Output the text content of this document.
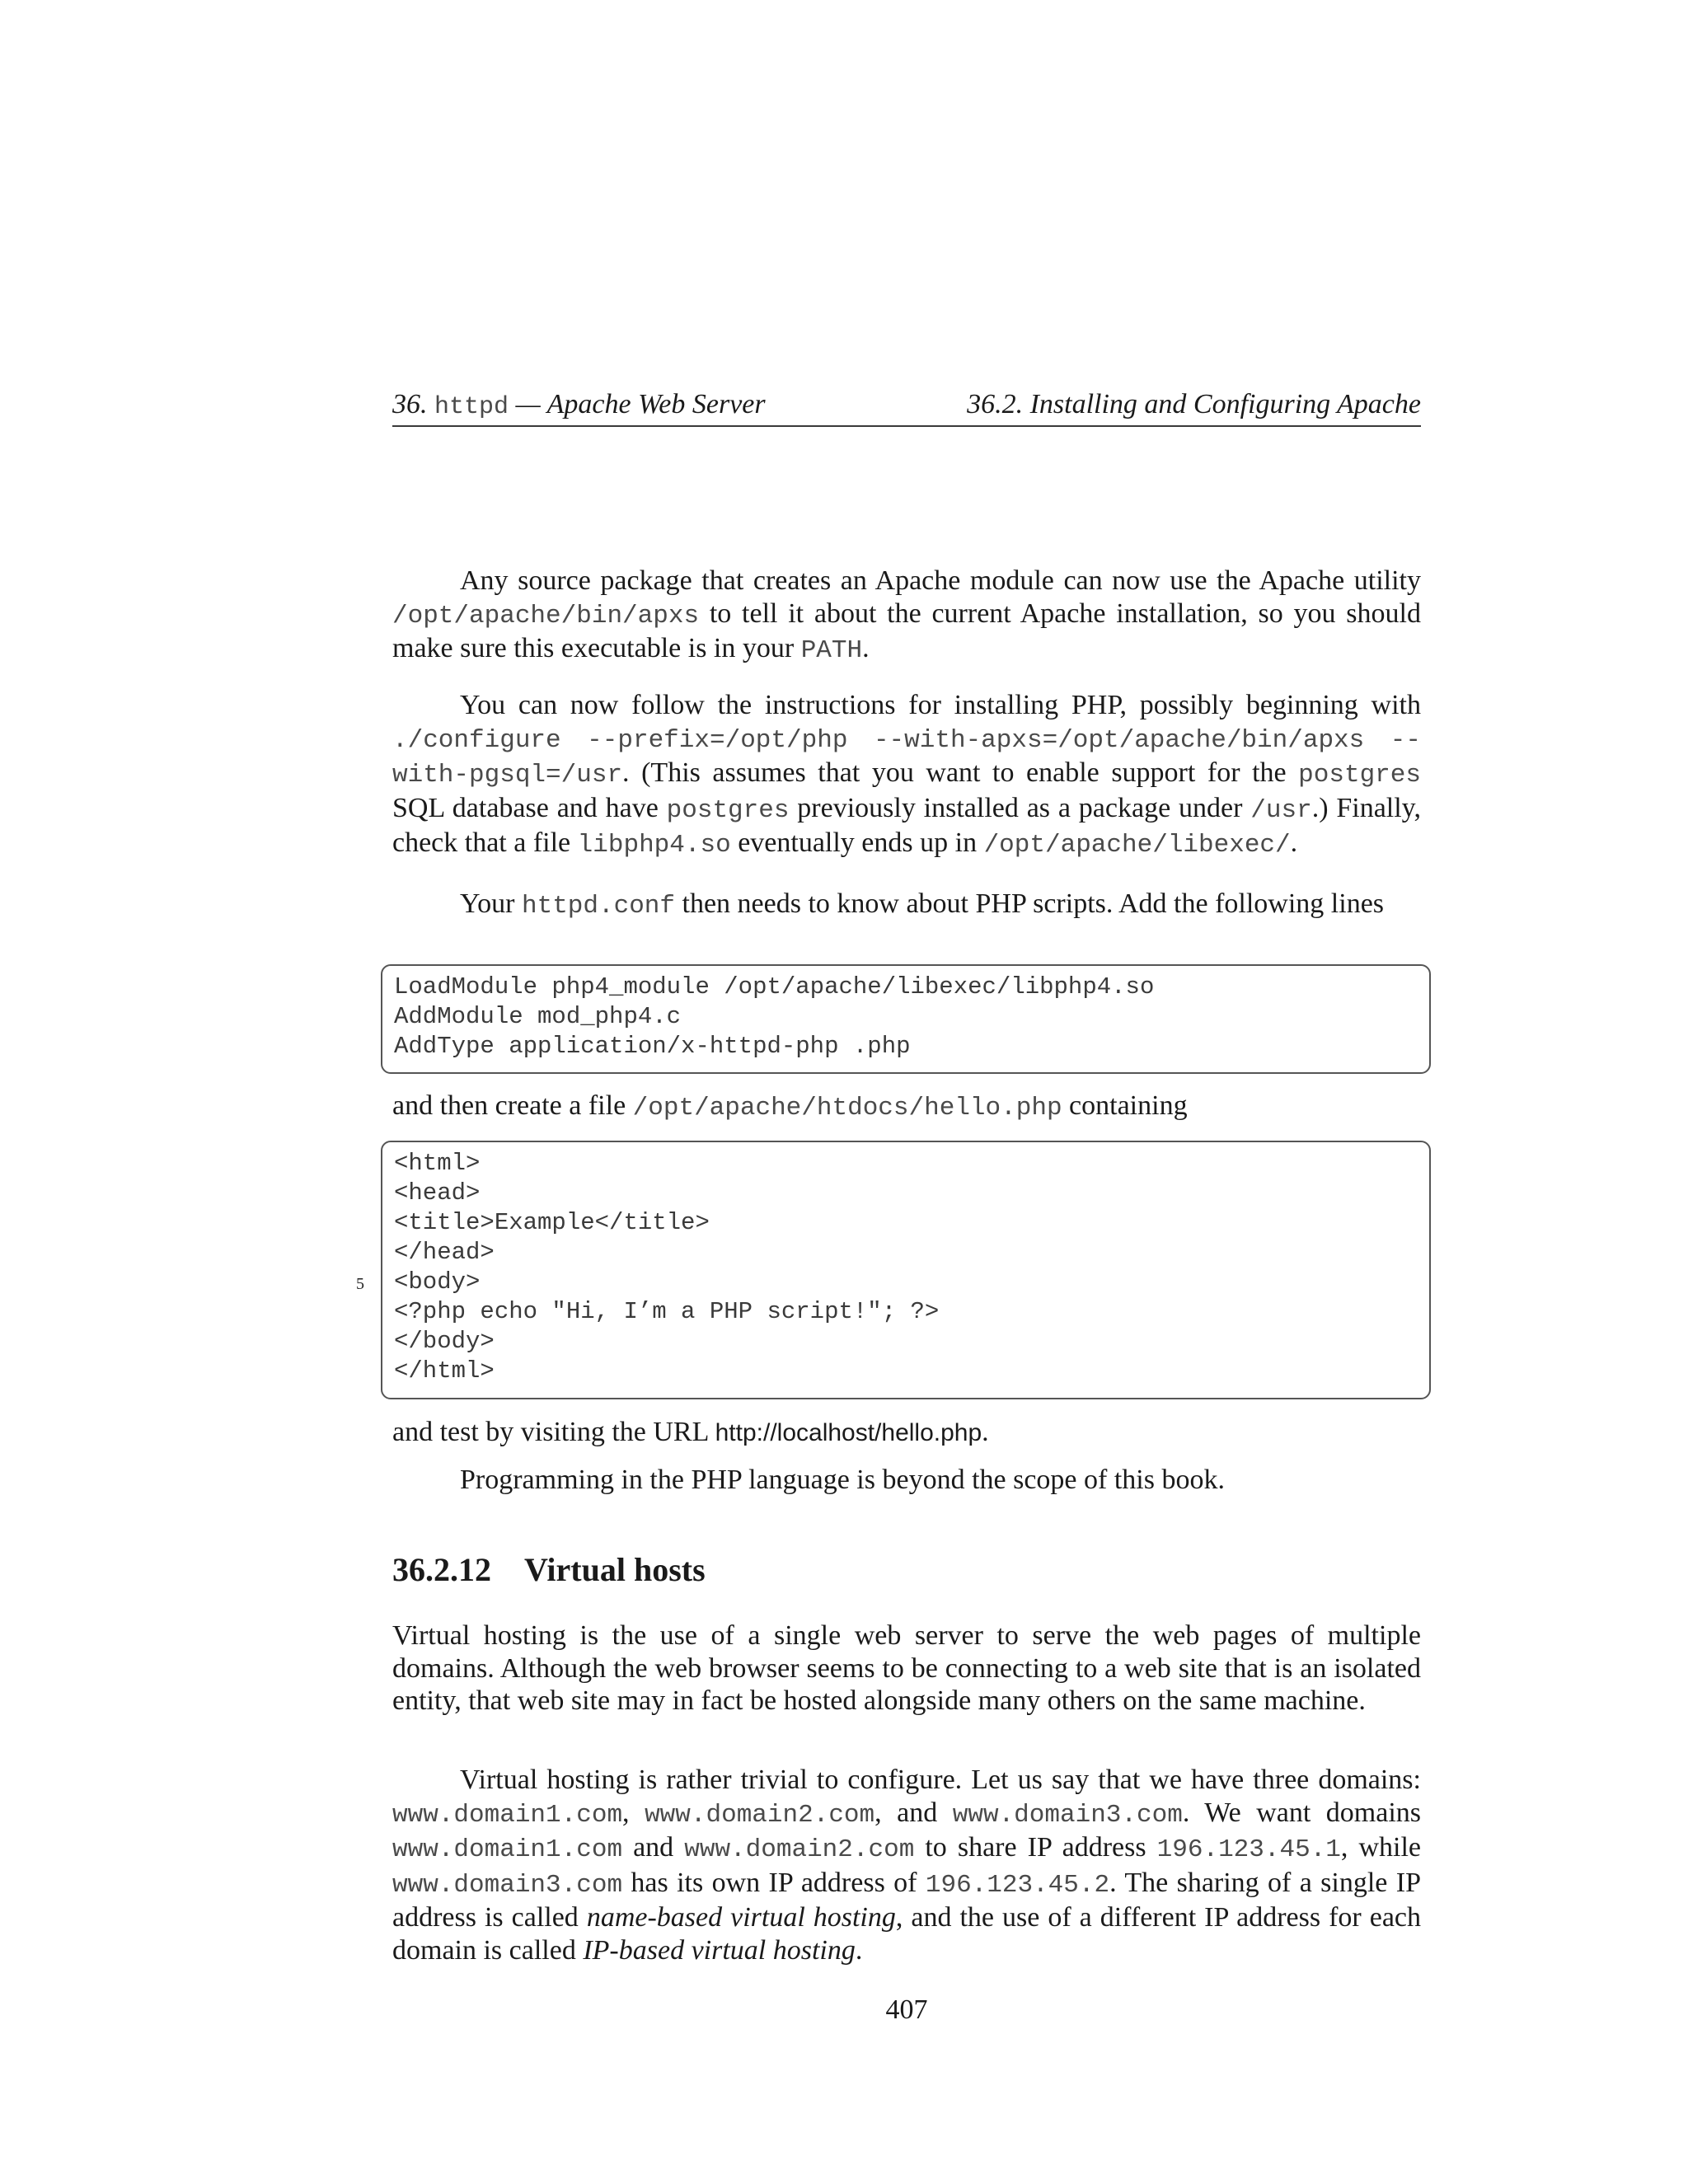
36. httpd — Apache Web Server	36.2. Installing and Configuring Apache

Any source package that creates an Apache module can now use the Apache utility /opt/apache/bin/apxs to tell it about the current Apache installation, so you should make sure this executable is in your PATH.

You can now follow the instructions for installing PHP, possibly beginning with ./configure --prefix=/opt/php --with-apxs=/opt/apache/bin/apxs --with-pgsql=/usr. (This assumes that you want to enable support for the postgres SQL database and have postgres previously installed as a package under /usr.) Finally, check that a file libphp4.so eventually ends up in /opt/apache/libexec/.

Your httpd.conf then needs to know about PHP scripts. Add the following lines

LoadModule php4_module /opt/apache/libexec/libphp4.so
AddModule mod_php4.c
AddType application/x-httpd-php .php

and then create a file /opt/apache/htdocs/hello.php containing

<html>
<head>
<title>Example</title>
</head>
<body>
5
<?php echo "Hi, I’m a PHP script!"; ?>
</body>
</html>

and test by visiting the URL http://localhost/hello.php.

Programming in the PHP language is beyond the scope of this book.

36.2.12 Virtual hosts

Virtual hosting is the use of a single web server to serve the web pages of multiple domains. Although the web browser seems to be connecting to a web site that is an isolated entity, that web site may in fact be hosted alongside many others on the same machine.

Virtual hosting is rather trivial to configure. Let us say that we have three domains: www.domain1.com, www.domain2.com, and www.domain3.com. We want domains www.domain1.com and www.domain2.com to share IP address 196.123.45.1, while www.domain3.com has its own IP address of 196.123.45.2. The sharing of a single IP address is called name-based virtual hosting, and the use of a different IP address for each domain is called IP-based virtual hosting.

407
